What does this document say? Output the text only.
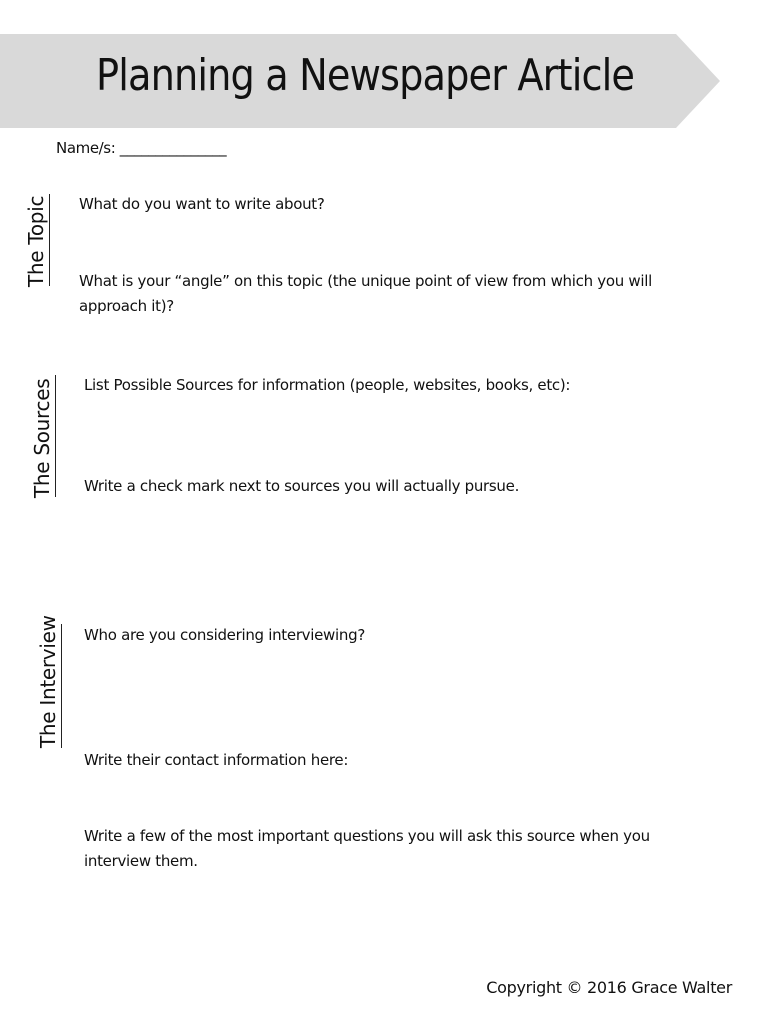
Planning a Newspaper Article
Name/s: _______________
The Topic What do you want to write about?
What is your “angle” on this topic (the unique point of view from which you will approach it)?
The Sources List Possible Sources for information (people, websites, books, etc):
Write a check mark next to sources you will actually pursue.
The Interview Who are you considering interviewing?
Write their contact information here:
Write a few of the most important questions you will ask this source when you interview them.
Copyright © 2016 Grace Walter
